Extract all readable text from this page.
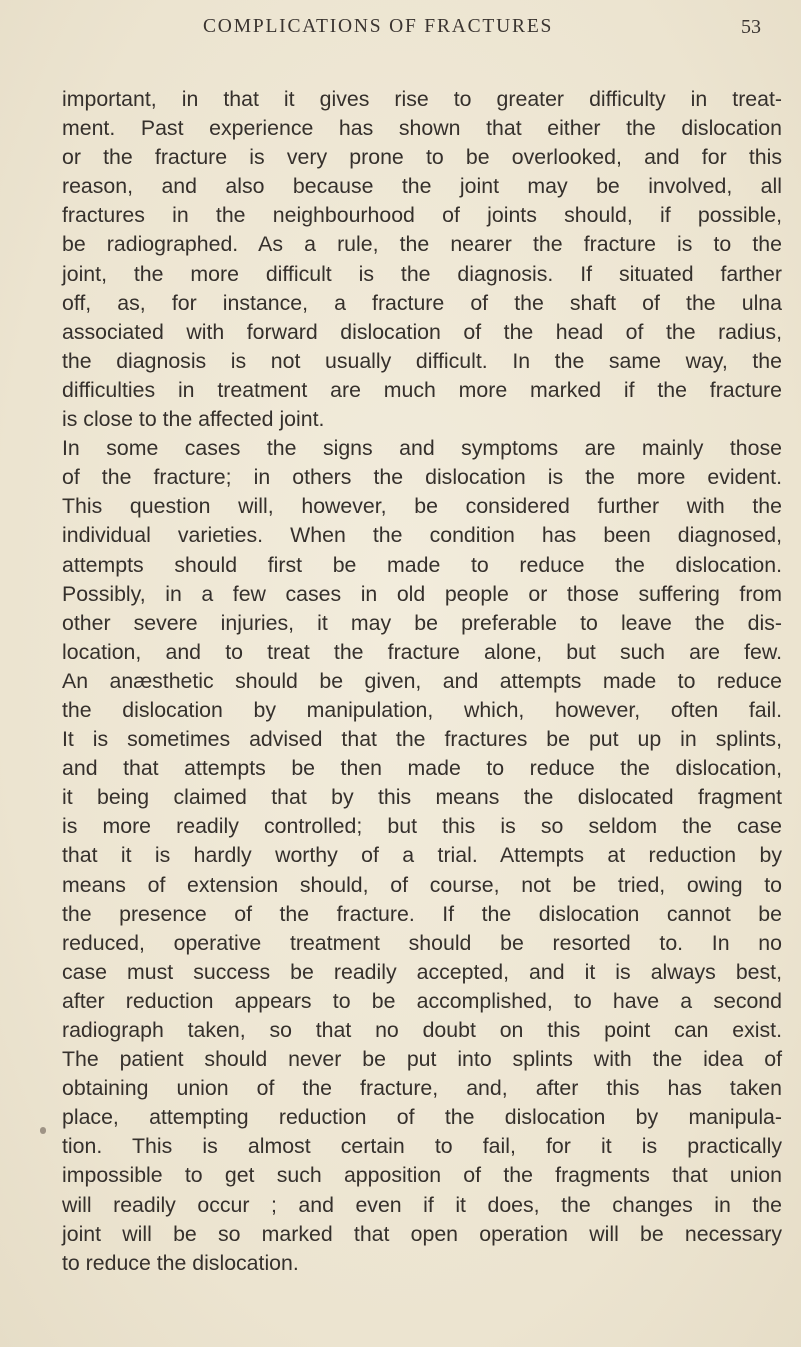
COMPLICATIONS OF FRACTURES	53
important, in that it gives rise to greater difficulty in treat-
ment. Past experience has shown that either the dislocation
or the fracture is very prone to be overlooked, and for this
reason, and also because the joint may be involved, all
fractures in the neighbourhood of joints should, if possible,
be radiographed. As a rule, the nearer the fracture is to the
joint, the more difficult is the diagnosis. If situated farther
off, as, for instance, a fracture of the shaft of the ulna
associated with forward dislocation of the head of the radius,
the diagnosis is not usually difficult. In the same way, the
difficulties in treatment are much more marked if the fracture
is close to the affected joint.
In some cases the signs and symptoms are mainly those
of the fracture; in others the dislocation is the more evident.
This question will, however, be considered further with the
individual varieties. When the condition has been diagnosed,
attempts should first be made to reduce the dislocation.
Possibly, in a few cases in old people or those suffering from
other severe injuries, it may be preferable to leave the dis-
location, and to treat the fracture alone, but such are few.
An anæsthetic should be given, and attempts made to reduce
the dislocation by manipulation, which, however, often fail.
It is sometimes advised that the fractures be put up in splints,
and that attempts be then made to reduce the dislocation,
it being claimed that by this means the dislocated fragment
is more readily controlled; but this is so seldom the case
that it is hardly worthy of a trial. Attempts at reduction by
means of extension should, of course, not be tried, owing to
the presence of the fracture. If the dislocation cannot be
reduced, operative treatment should be resorted to. In no
case must success be readily accepted, and it is always best,
after reduction appears to be accomplished, to have a second
radiograph taken, so that no doubt on this point can exist.
The patient should never be put into splints with the idea of
obtaining union of the fracture, and, after this has taken
place, attempting reduction of the dislocation by manipula-
tion. This is almost certain to fail, for it is practically
impossible to get such apposition of the fragments that union
will readily occur ; and even if it does, the changes in the
joint will be so marked that open operation will be necessary
to reduce the dislocation.
